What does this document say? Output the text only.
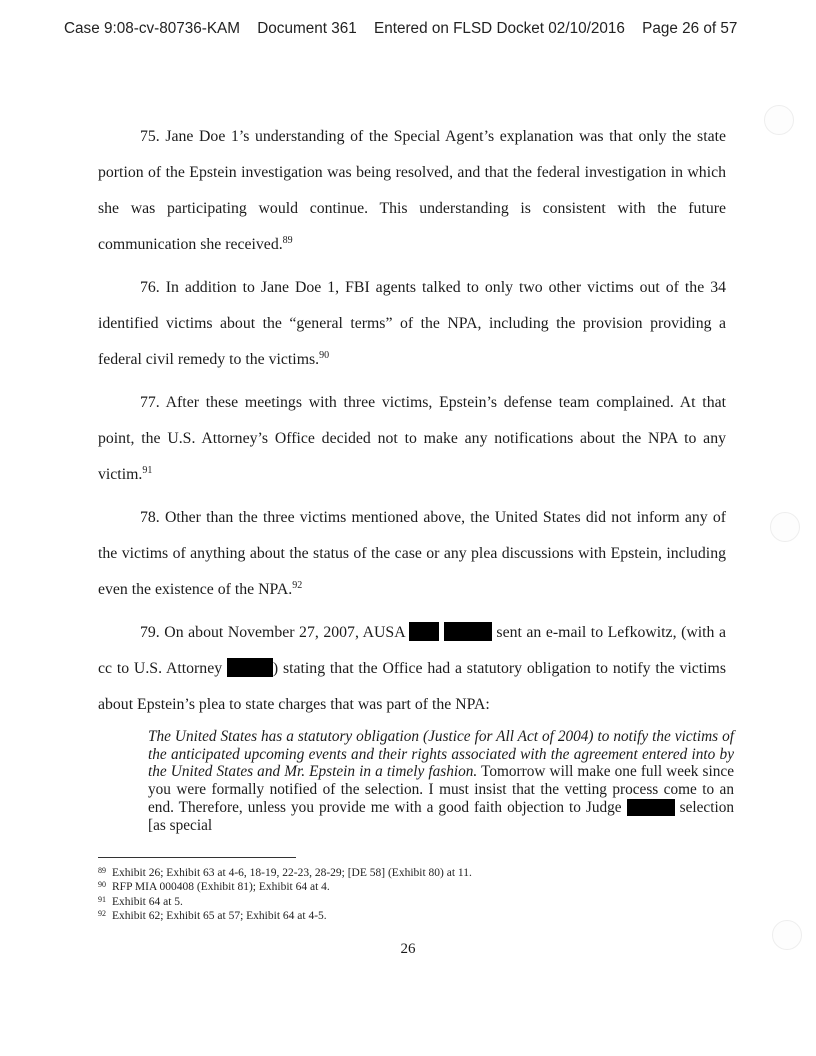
Case 9:08-cv-80736-KAM Document 361 Entered on FLSD Docket 02/10/2016 Page 26 of 57

75. Jane Doe 1’s understanding of the Special Agent’s explanation was that only the state portion of the Epstein investigation was being resolved, and that the federal investigation in which she was participating would continue. This understanding is consistent with the future communication she received.$^{89}$

76. In addition to Jane Doe 1, FBI agents talked to only two other victims out of the 34 identified victims about the “general terms” of the NPA, including the provision providing a federal civil remedy to the victims.$^{90}$

77. After these meetings with three victims, Epstein’s defense team complained. At that point, the U.S. Attorney’s Office decided not to make any notifications about the NPA to any victim.$^{91}$

78. Other than the three victims mentioned above, the United States did not inform any of the victims of anything about the status of the case or any plea discussions with Epstein, including even the existence of the NPA.$^{92}$

79. On about November 27, 2007, AUSA	sent an e-mail to Lefkowitz, (with a cc to U.S. Attorney	) stating that the Office had a statutory obligation to notify the victims about Epstein’s plea to state charges that was part of the NPA:

The United States has a statutory obligation (Justice for All Act of 2004) to notify the victims of the anticipated upcoming events and their rights associated with the agreement entered into by the United States and Mr. Epstein in a timely fashion. Tomorrow will make one full week since you were formally notified of the selection. I must insist that the vetting process come to an end. Therefore, unless you provide me with a good faith objection to Judge	selection [as special
$^{89}$ Exhibit 26; Exhibit 63 at 4-6, 18-19, 22-23, 28-29; [DE 58] (Exhibit 80) at 11.
$^{90}$ RFP MIA 000408 (Exhibit 81); Exhibit 64 at 4.
$^{91}$ Exhibit 64 at 5.
$^{92}$ Exhibit 62; Exhibit 65 at 57; Exhibit 64 at 4-5.
26
